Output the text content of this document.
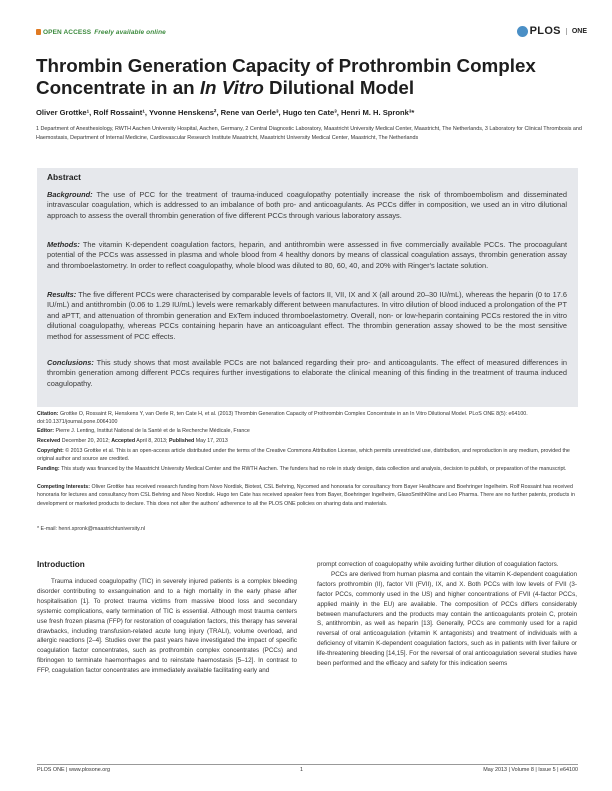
OPEN ACCESS Freely available online	PLOS	ONE
Thrombin Generation Capacity of Prothrombin Complex Concentrate in an In Vitro Dilutional Model
Oliver Grottke¹, Rolf Rossaint¹, Yvonne Henskens², Rene van Oerle³, Hugo ten Cate³, Henri M. H. Spronk³*
1 Department of Anesthesiology, RWTH Aachen University Hospital, Aachen, Germany, 2 Central Diagnostic Laboratory, Maastricht University Medical Center, Maastricht, The Netherlands, 3 Laboratory for Clinical Thrombosis and Haemostasis, Department of Internal Medicine, Cardiovascular Research Institute Maastricht, Maastricht University Medical Center, Maastricht, The Netherlands
Abstract
Background: The use of PCC for the treatment of trauma-induced coagulopathy potentially increase the risk of thromboembolism and disseminated intravascular coagulation, which is addressed to an imbalance of both pro- and anticoagulants. As PCCs differ in composition, we used an in vitro dilutional approach to assess the overall thrombin generation of five different PCCs through various laboratory assays.
Methods: The vitamin K-dependent coagulation factors, heparin, and antithrombin were assessed in five commercially available PCCs. The procoagulant potential of the PCCs was assessed in plasma and whole blood from 4 healthy donors by means of classical coagulation assays, thrombin generation assay and thromboelastometry. In order to reflect coagulopathy, whole blood was diluted to 80, 60, 40, and 20% with Ringer's lactate solution.
Results: The five different PCCs were characterised by comparable levels of factors II, VII, IX and X (all around 20–30 IU/mL), whereas the heparin (0 to 17.6 IU/mL) and antithrombin (0.06 to 1.29 IU/mL) levels were remarkably different between manufactures. In vitro dilution of blood induced a prolongation of the PT and aPTT, and attenuation of thrombin generation and ExTem induced thromboelastometry. Overall, non- or low-heparin containing PCCs restored the in vitro dilutional coagulopathy, whereas PCCs containing heparin have an anticoagulant effect. The thrombin generation assay showed to be the most sensitive method for assessment of PCC effects.
Conclusions: This study shows that most available PCCs are not balanced regarding their pro- and anticoagulants. The effect of measured differences in thrombin generation among different PCCs requires further investigations to elaborate the clinical meaning of this finding in the treatment of trauma induced coagulopathy.
Citation: Grottke O, Rossaint R, Henskens Y, van Oerle R, ten Cate H, et al. (2013) Thrombin Generation Capacity of Prothrombin Complex Concentrate in an In Vitro Dilutional Model. PLoS ONE 8(5): e64100. doi:10.1371/journal.pone.0064100
Editor: Pierre J. Lenting, Institut National de la Santé et de la Recherche Médicale, France
Received December 20, 2012; Accepted April 8, 2013; Published May 17, 2013
Copyright: © 2013 Grottke et al. This is an open-access article distributed under the terms of the Creative Commons Attribution License, which permits unrestricted use, distribution, and reproduction in any medium, provided the original author and source are credited.
Funding: This study was financed by the Maastricht University Medical Center and the RWTH Aachen. The funders had no role in study design, data collection and analysis, decision to publish, or preparation of the manuscript.
Competing Interests: Oliver Grottke has received research funding from Novo Nordisk, Biotest, CSL Behring, Nycomed and honoraria for consultancy from Bayer Healthcare and Boehringer Ingelheim. Rolf Rossaint has received honoraria for lectures and consultancy from CSL Behring and Novo Nordisk. Hugo ten Cate has received speaker fees from Bayer, Boehringer Ingelheim, GlaxoSmithKline and Leo Pharma. There are no further patents, products in development or marketed products to declare. This does not alter the authors' adherence to all the PLOS ONE policies on sharing data and materials.
* E-mail: henri.spronk@maastrichtuniversity.nl
Introduction
Trauma induced coagulopathy (TIC) in severely injured patients is a complex bleeding disorder contributing to exsanguination and to a high mortality in the early phase after hospitalisation [1]. To protect trauma victims from massive blood loss and secondary systemic complications, early termination of TIC is essential. Although most trauma centers use fresh frozen plasma (FFP) for restoration of coagulation factors, this therapy has several drawbacks, including transfusion-related acute lung injury (TRALI), volume overload, and allergic reactions [2–4]. Studies over the past years have investigated the impact of specific coagulation factor concentrates, such as prothrombin complex concentrates (PCCs) and fibrinogen to terminate haemorrhages and to reinstate haemostasis [5–12]. In contrast to FFP, coagulation factor concentrates are immediately available facilitating early and
prompt correction of coagulopathy while avoiding further dilution of coagulation factors.
PCCs are derived from human plasma and contain the vitamin K-dependent coagulation factors prothrombin (II), factor VII (FVII), IX, and X. Both PCCs with low levels of FVII (3-factor PCCs, commonly used in the US) and higher concentrations of FVII (4-factor PCCs, applied mainly in the EU) are available. The composition of PCCs differs considerably between manufacturers and the products may contain the anticoagulants protein C, protein S, antithrombin, as well as heparin [13]. Generally, PCCs are commonly used for a rapid reversal of oral anticoagulation (vitamin K antagonists) and treatment of individuals with a deficiency of vitamin K-dependent coagulation factors, such as in patients with liver failure or life-threatening bleeding [14,15]. For the reversal of oral anticoagulation several studies have been performed and the efficacy and safety for this indication seems
PLOS ONE | www.plosone.org	1	May 2013 | Volume 8 | Issue 5 | e64100
